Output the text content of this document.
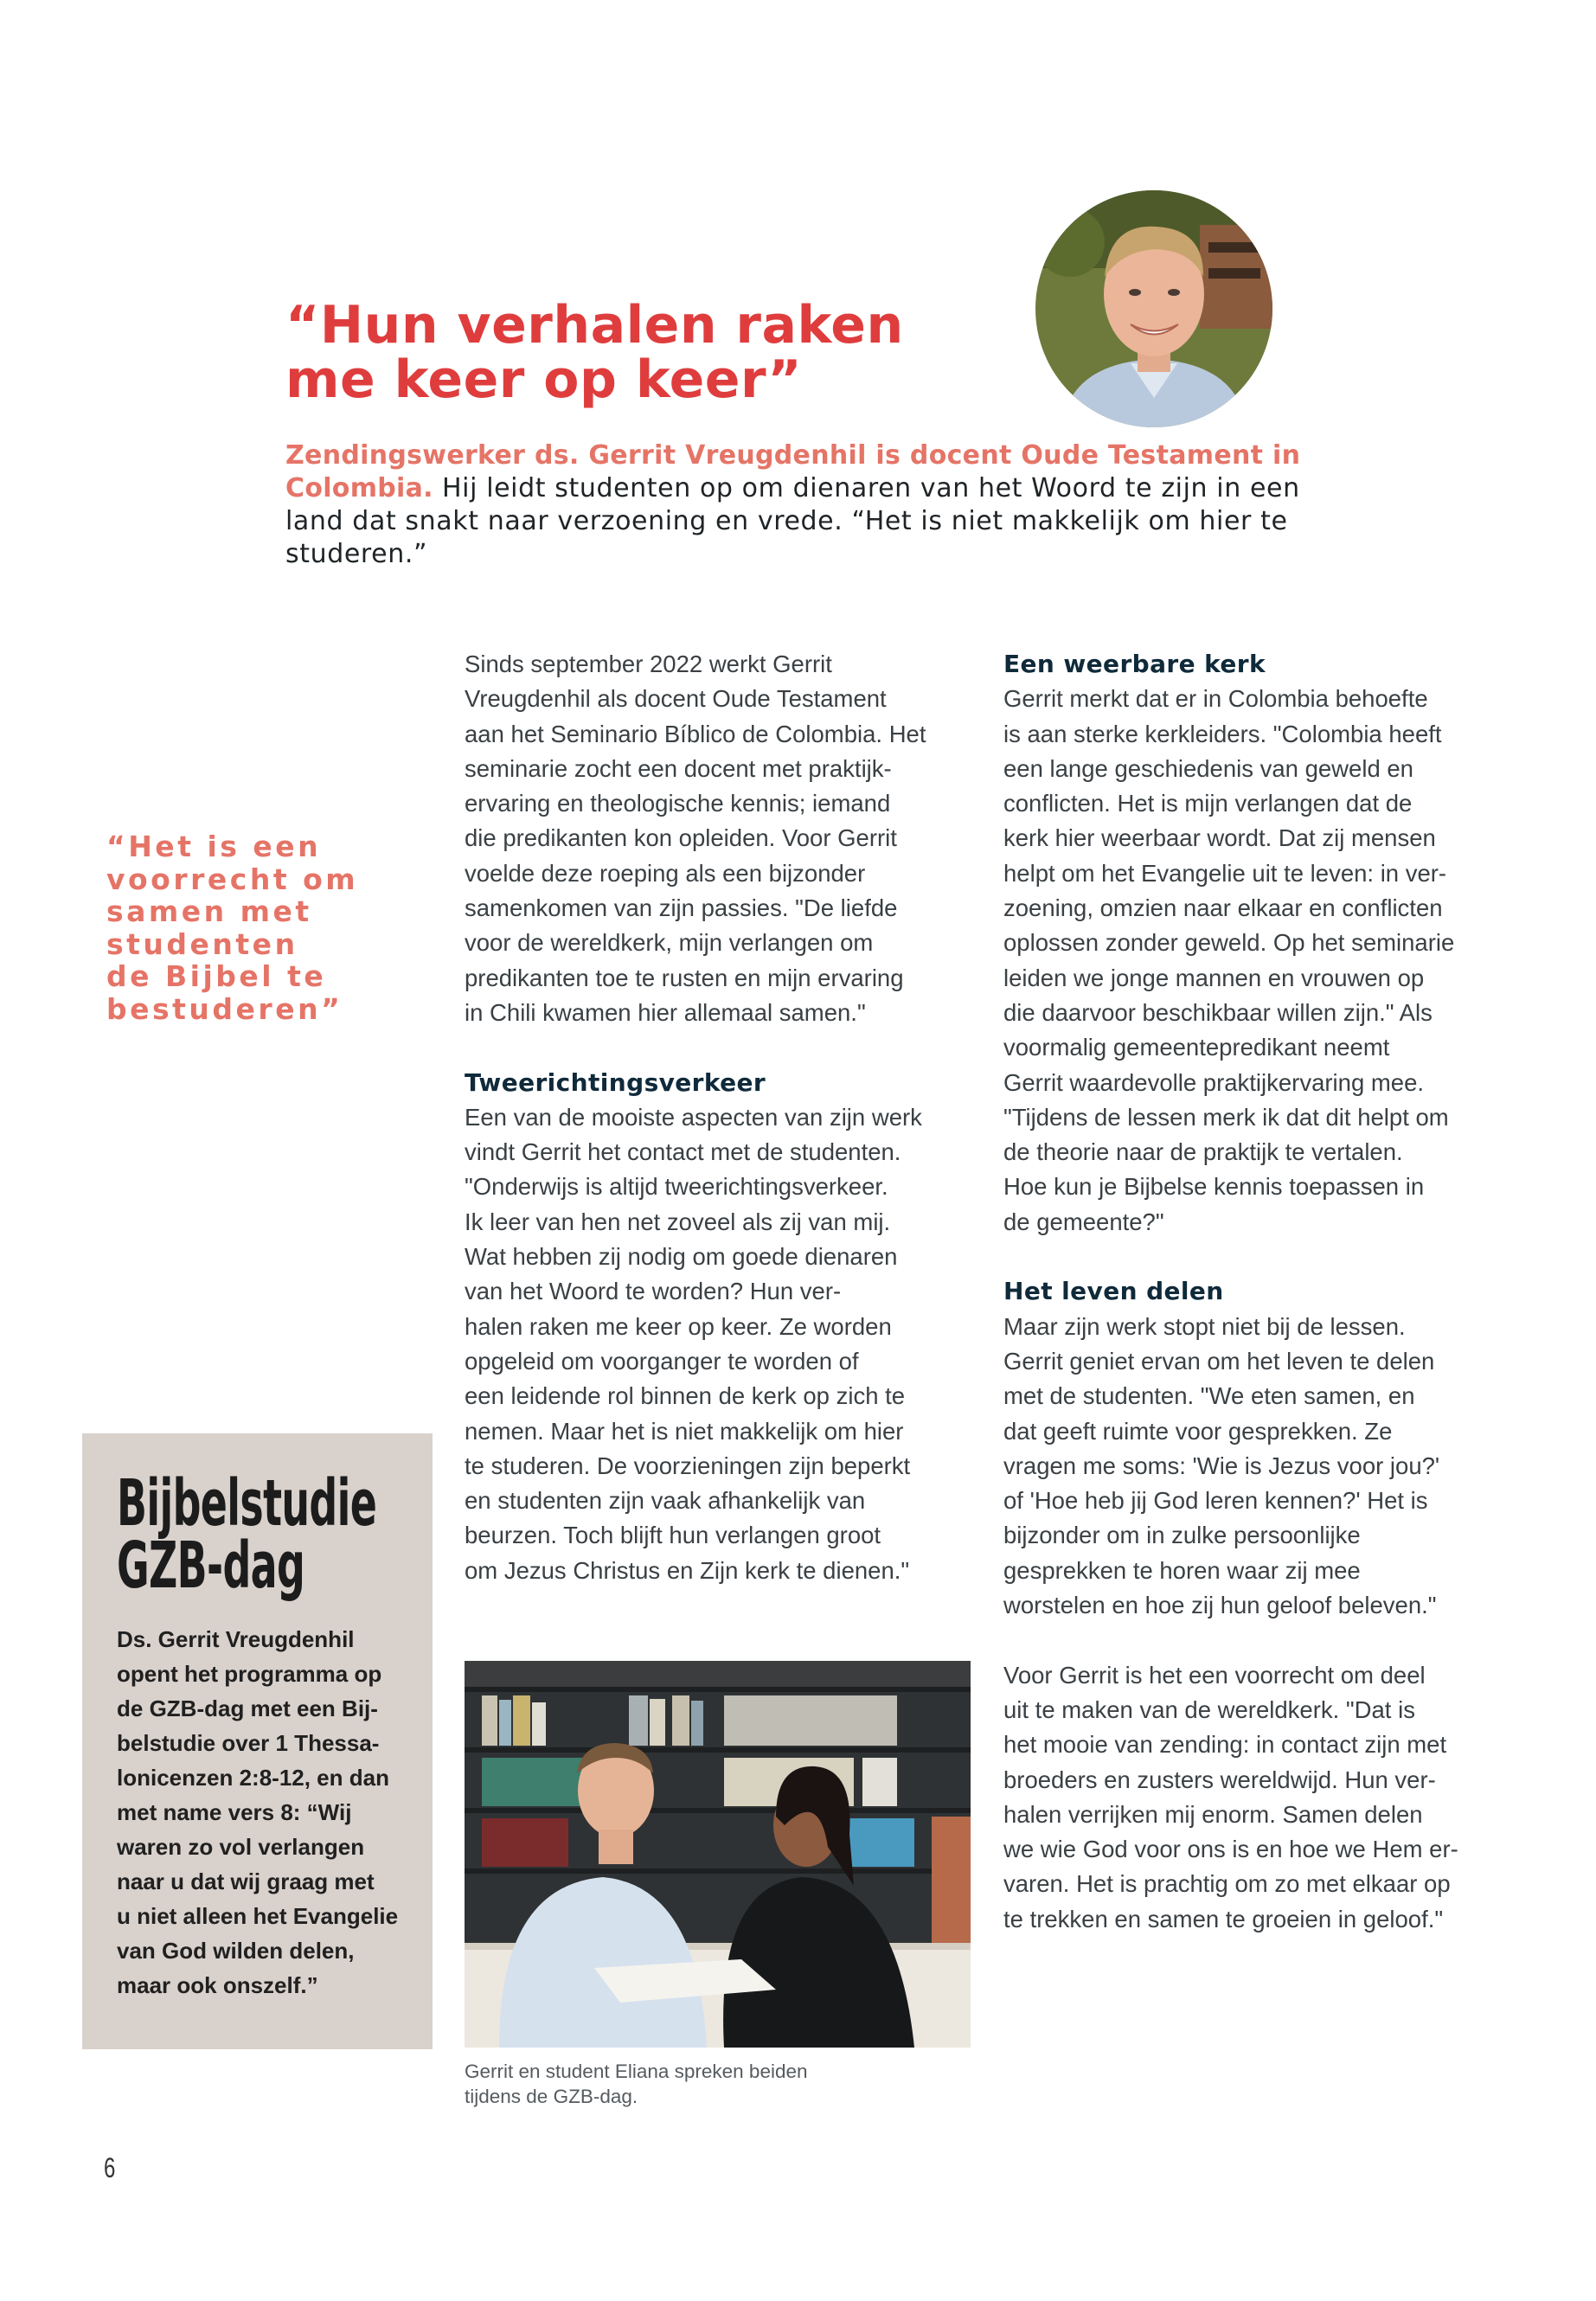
“Hun verhalen raken
me keer op keer”

Zendingswerker ds. Gerrit Vreugdenhil is docent Oude Testament in Colombia. Hij leidt studenten op om dienaren van het Woord te zijn in een land dat snakt naar verzoening en vrede. “Het is niet makkelijk om hier te studeren.”

“Het is een
voorrecht om
samen met
studenten
de Bijbel te
bestuderen”

Sinds september 2022 werkt Gerrit
Vreugdenhil als docent Oude Testament
aan het Seminario Bíblico de Colombia. Het
seminarie zocht een docent met praktijk-
ervaring en theologische kennis; iemand
die predikanten kon opleiden. Voor Gerrit
voelde deze roeping als een bijzonder
samenkomen van zijn passies. "De liefde
voor de wereldkerk, mijn verlangen om
predikanten toe te rusten en mijn ervaring
in Chili kwamen hier allemaal samen."

Tweerichtingsverkeer

Een van de mooiste aspecten van zijn werk
vindt Gerrit het contact met de studenten.
"Onderwijs is altijd tweerichtingsverkeer.
Ik leer van hen net zoveel als zij van mij.
Wat hebben zij nodig om goede dienaren
van het Woord te worden? Hun ver-
halen raken me keer op keer. Ze worden
opgeleid om voorganger te worden of
een leidende rol binnen de kerk op zich te
nemen. Maar het is niet makkelijk om hier
te studeren. De voorzieningen zijn beperkt
en studenten zijn vaak afhankelijk van
beurzen. Toch blijft hun verlangen groot
om Jezus Christus en Zijn kerk te dienen."

Een weerbare kerk

Gerrit merkt dat er in Colombia behoefte
is aan sterke kerkleiders. "Colombia heeft
een lange geschiedenis van geweld en
conflicten. Het is mijn verlangen dat de
kerk hier weerbaar wordt. Dat zij mensen
helpt om het Evangelie uit te leven: in ver-
zoening, omzien naar elkaar en conflicten
oplossen zonder geweld. Op het seminarie
leiden we jonge mannen en vrouwen op
die daarvoor beschikbaar willen zijn." Als
voormalig gemeentepredikant neemt
Gerrit waardevolle praktijkervaring mee.
"Tijdens de lessen merk ik dat dit helpt om
de theorie naar de praktijk te vertalen.
Hoe kun je Bijbelse kennis toepassen in
de gemeente?"

Het leven delen

Maar zijn werk stopt niet bij de lessen.
Gerrit geniet ervan om het leven te delen
met de studenten. "We eten samen, en
dat geeft ruimte voor gesprekken. Ze
vragen me soms: 'Wie is Jezus voor jou?'
of 'Hoe heb jij God leren kennen?' Het is
bijzonder om in zulke persoonlijke
gesprekken te horen waar zij mee
worstelen en hoe zij hun geloof beleven."

Voor Gerrit is het een voorrecht om deel
uit te maken van de wereldkerk. "Dat is
het mooie van zending: in contact zijn met
broeders en zusters wereldwijd. Hun ver-
halen verrijken mij enorm. Samen delen
we wie God voor ons is en hoe we Hem er-
varen. Het is prachtig om zo met elkaar op
te trekken en samen te groeien in geloof."

Bijbelstudie
GZB-dag

Ds. Gerrit Vreugdenhil
opent het programma op
de GZB-dag met een Bij-
belstudie over 1 Thessa-
lonicenzen 2:8-12, en dan
met name vers 8: “Wij
waren zo vol verlangen
naar u dat wij graag met
u niet alleen het Evangelie
van God wilden delen,
maar ook onszelf.”

Gerrit en student Eliana spreken beiden
tijdens de GZB-dag.

6
